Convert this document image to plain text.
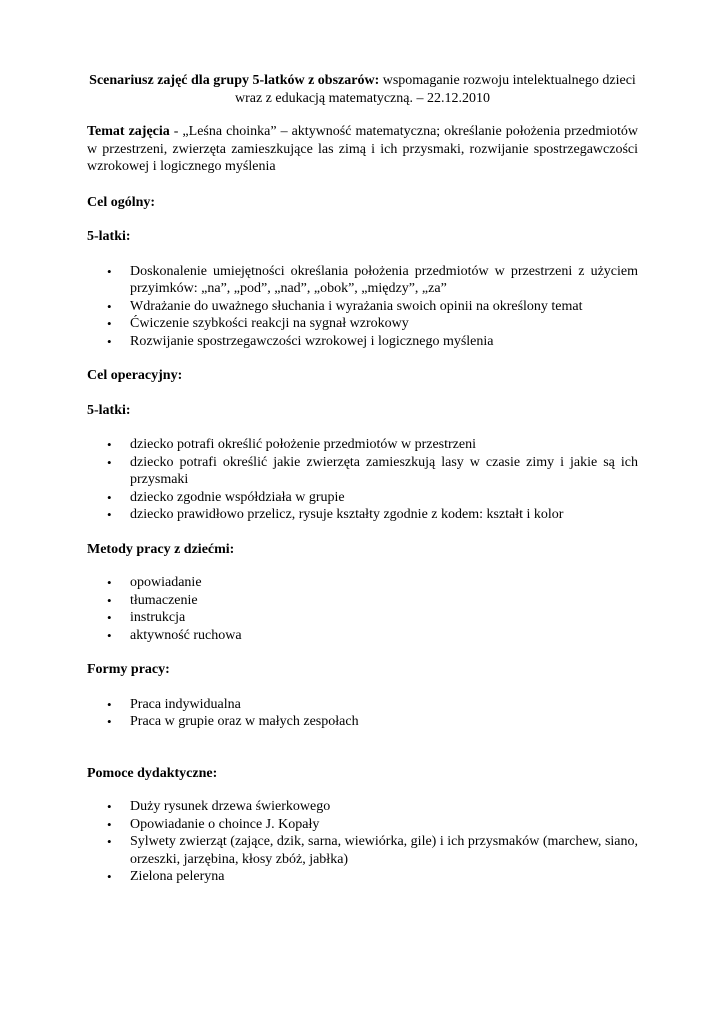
Scenariusz zajęć dla grupy 5-latków z obszarów: wspomaganie rozwoju intelektualnego dzieci wraz z edukacją matematyczną. – 22.12.2010

Temat zajęcia - „Leśna choinka” – aktywność matematyczna; określanie położenia przedmiotów w przestrzeni, zwierzęta zamieszkujące las zimą i ich przysmaki, rozwijanie spostrzegawczości wzrokowej i logicznego myślenia

Cel ogólny:

5-latki:

• Doskonalenie umiejętności określania położenia przedmiotów w przestrzeni z użyciem przyimków: „na”, „pod”, „nad”, „obok”, „między”, „za”
• Wdrażanie do uważnego słuchania i wyrażania swoich opinii na określony temat
• Ćwiczenie szybkości reakcji na sygnał wzrokowy
• Rozwijanie spostrzegawczości wzrokowej i logicznego myślenia

Cel operacyjny:

5-latki:

• dziecko potrafi określić położenie przedmiotów w przestrzeni
• dziecko potrafi określić jakie zwierzęta zamieszkują lasy w czasie zimy i jakie są ich przysmaki
• dziecko zgodnie współdziała w grupie
• dziecko prawidłowo przelicz, rysuje kształty zgodnie z kodem: kształt i kolor

Metody pracy z dziećmi:

• opowiadanie
• tłumaczenie
• instrukcja
• aktywność ruchowa

Formy pracy:

• Praca indywidualna
• Praca w grupie oraz w małych zespołach

Pomoce dydaktyczne:

• Duży rysunek drzewa świerkowego
• Opowiadanie o choince J. Kopały
• Sylwety zwierząt (zające, dzik, sarna, wiewiórka, gile) i ich przysmaków (marchew, siano, orzeszki, jarzębina, kłosy zbóż, jabłka)
• Zielona peleryna
